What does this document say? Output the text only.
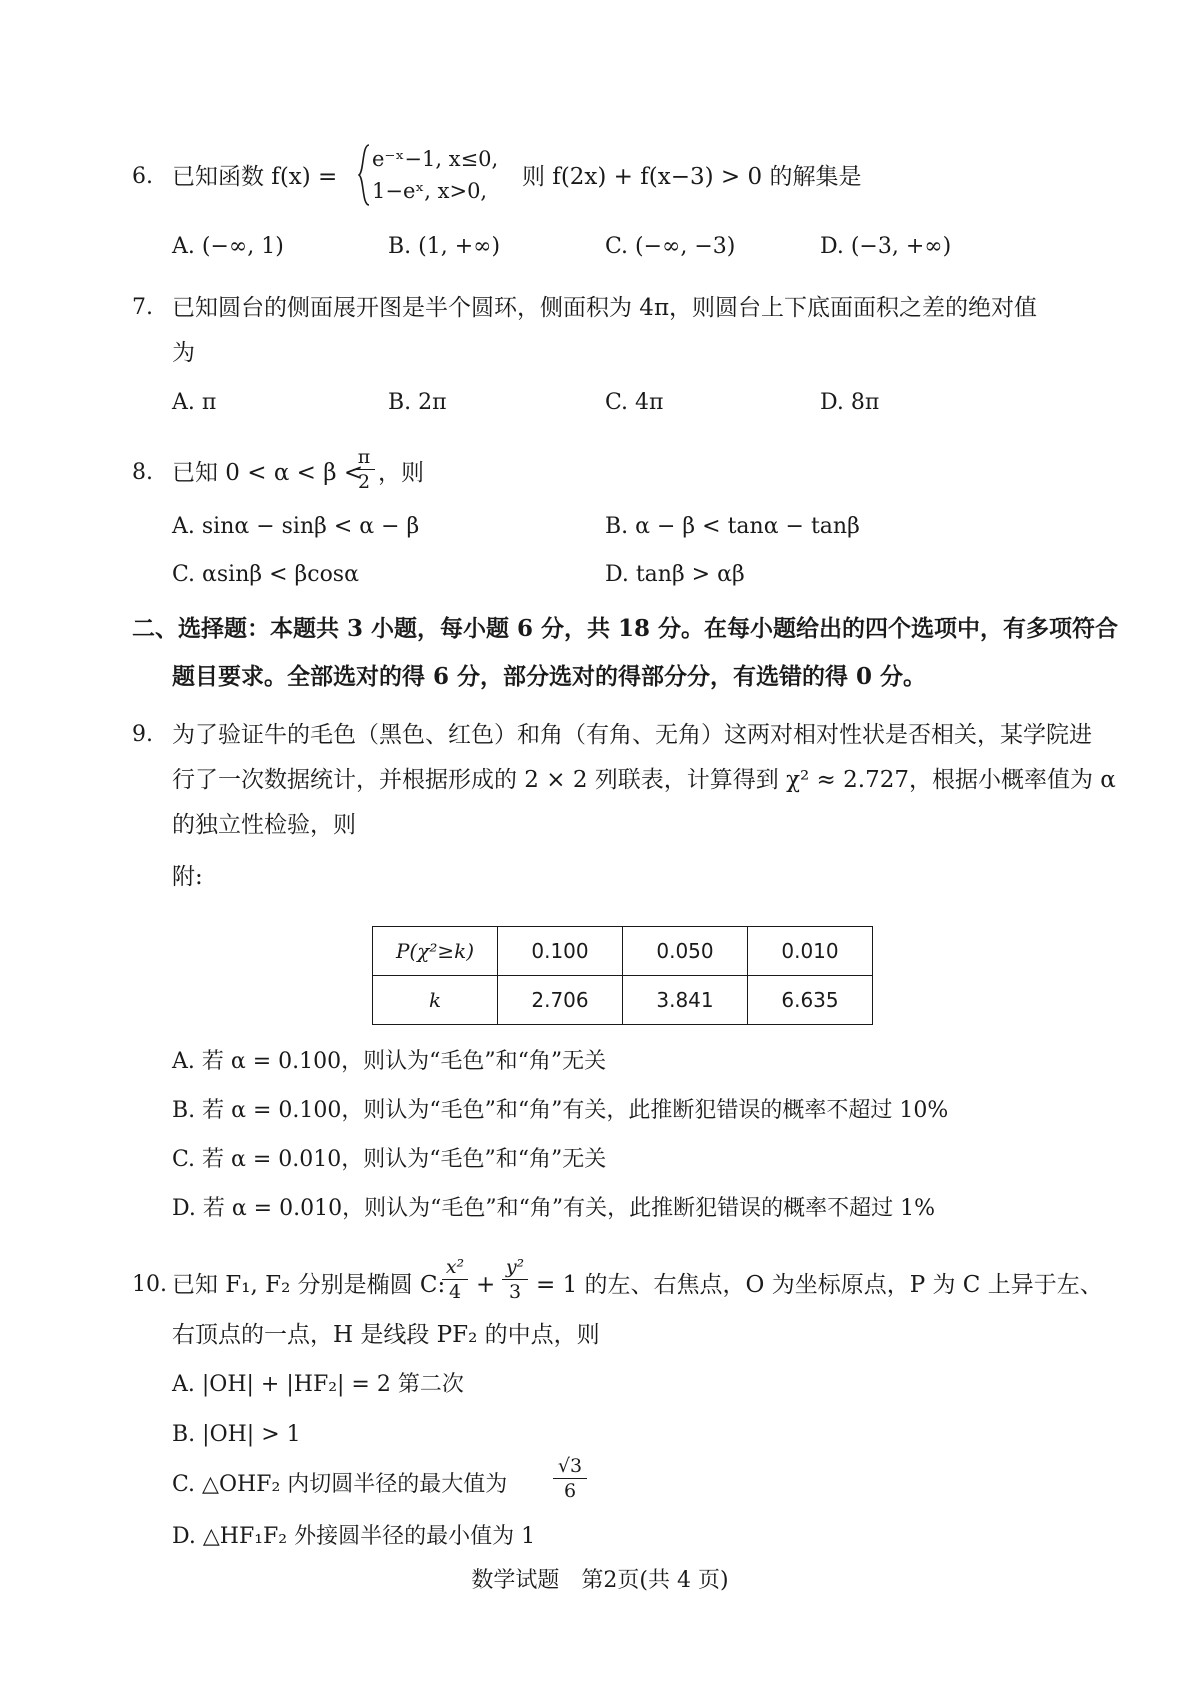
6. 已知函数 f(x) =
e⁻ˣ−1, x≤0,
1−eˣ, x>0,
则 f(2x) + f(x−3) > 0 的解集是
A. (−∞, 1)	B. (1, +∞)	C. (−∞, −3)	D. (−3, +∞)
7. 已知圆台的侧面展开图是半个圆环，侧面积为 4π，则圆台上下底面面积之差的绝对值
为
A. π	B. 2π	C. 4π	D. 8π
8. 已知 0 < α < β <
π
2 ，则
A. sinα − sinβ < α − β	B. α − β < tanα − tanβ
C. αsinβ < βcosα	D. tanβ > αβ
二、选择题：本题共 3 小题，每小题 6 分，共 18 分。在每小题给出的四个选项中，有多项符合
题目要求。全部选对的得 6 分，部分选对的得部分分，有选错的得 0 分。
9. 为了验证牛的毛色（黑色、红色）和角（有角、无角）这两对相对性状是否相关，某学院进
行了一次数据统计，并根据形成的 2 × 2 列联表，计算得到 χ² ≈ 2.727，根据小概率值为 α
的独立性检验，则
附:
P(χ²≥k)	0.100	0.050	0.010
k	2.706	3.841	6.635
A. 若 α = 0.100，则认为“毛色”和“角”无关
B. 若 α = 0.100，则认为“毛色”和“角”有关，此推断犯错误的概率不超过 10%
C. 若 α = 0.010，则认为“毛色”和“角”无关
D. 若 α = 0.010，则认为“毛色”和“角”有关，此推断犯错误的概率不超过 1%
10. 已知 F₁, F₂ 分别是椭圆 C:
x²
4 +
y²
3 = 1 的左、右焦点，O 为坐标原点，P 为 C 上异于左、
右顶点的一点，H 是线段 PF₂ 的中点，则
A. |OH| + |HF₂| = 2 第二次
B. |OH| > 1
C. △OHF₂ 内切圆半径的最大值为
√3
6
D. △HF₁F₂ 外接圆半径的最小值为 1
数学试题　第2页(共 4 页)
